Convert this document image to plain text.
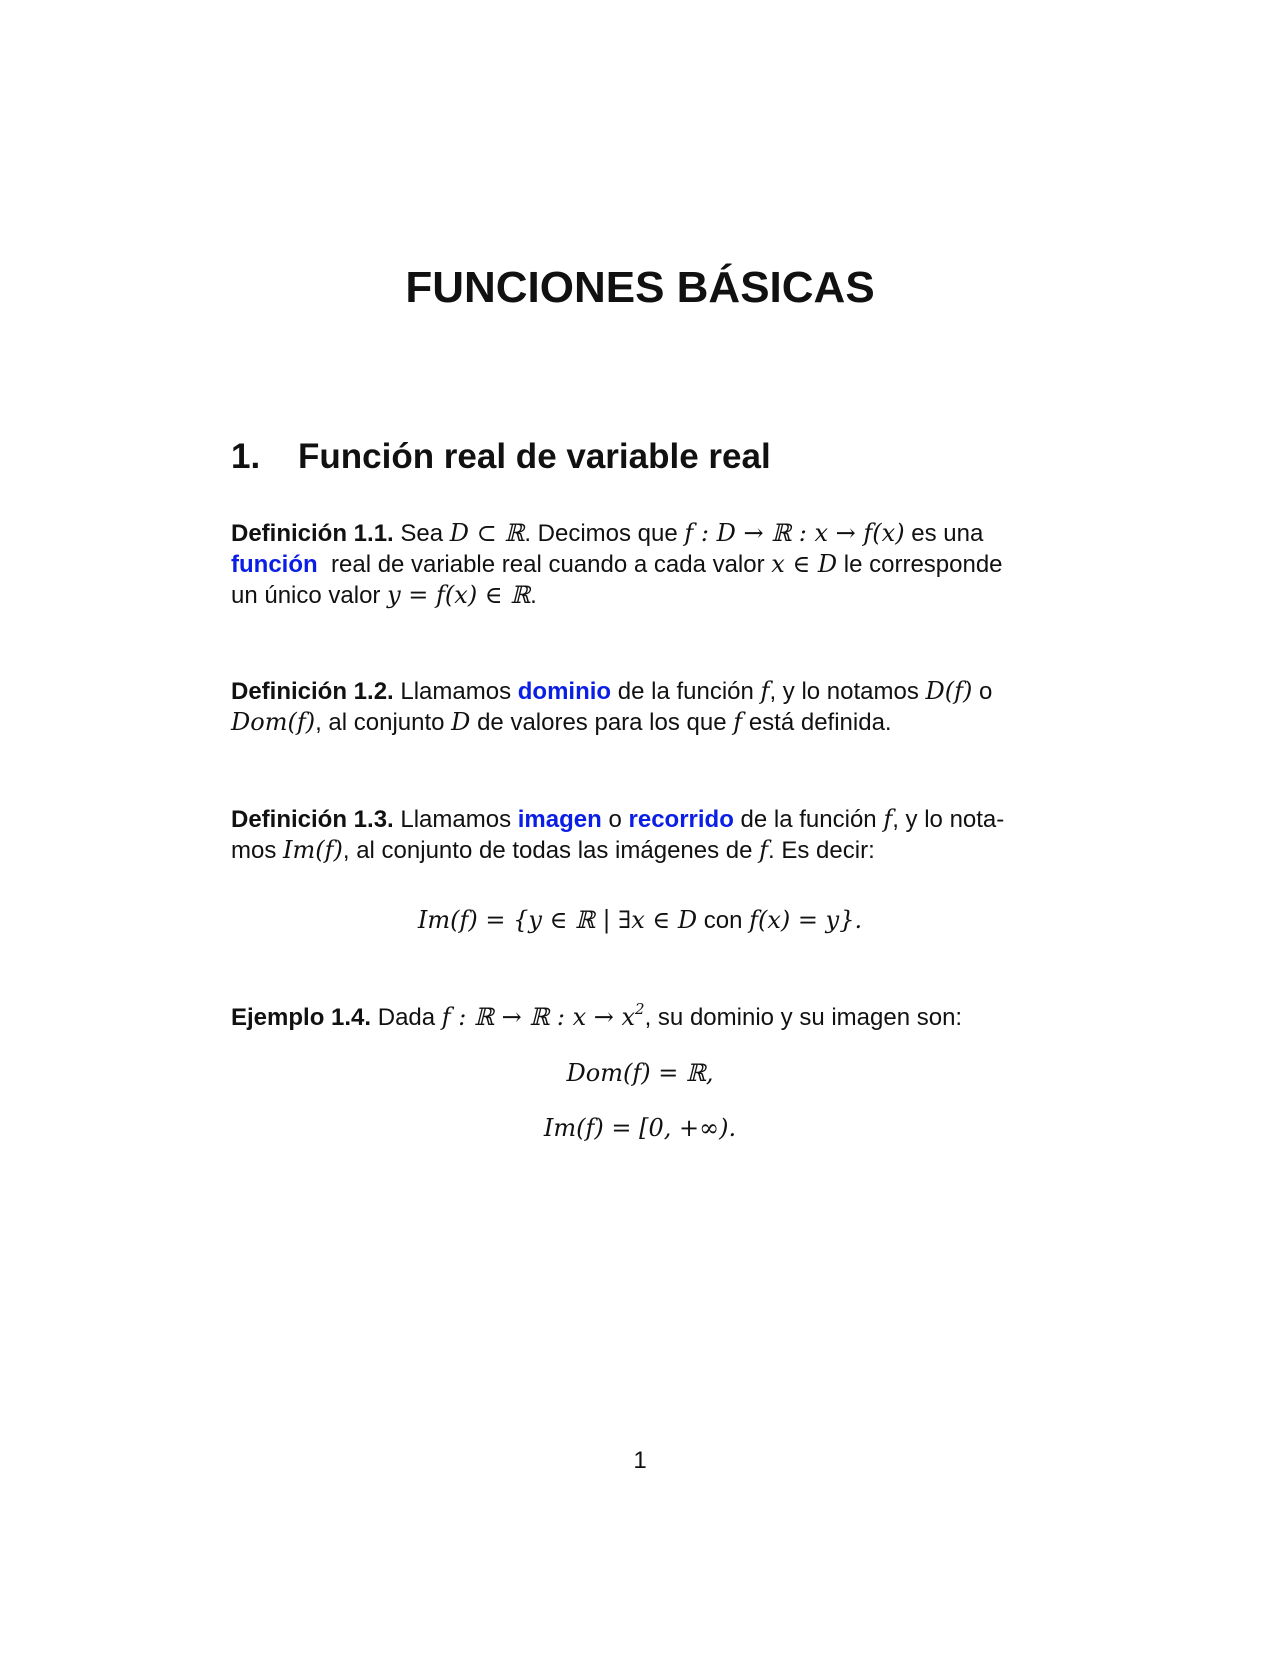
FUNCIONES BÁSICAS
1. Función real de variable real
Definición 1.1. Sea D ⊂ ℝ. Decimos que f : D → ℝ : x → f(x) es una
función real de variable real cuando a cada valor x ∈ D le corresponde
un único valor y = f(x) ∈ ℝ.
Definición 1.2. Llamamos dominio de la función f, y lo notamos D(f) o
Dom(f), al conjunto D de valores para los que f está definida.
Definición 1.3. Llamamos imagen o recorrido de la función f, y lo nota-
mos Im(f), al conjunto de todas las imágenes de f. Es decir:
Im(f) = {y ∈ ℝ | ∃x ∈ D con f(x) = y}.
Ejemplo 1.4. Dada f : ℝ → ℝ : $x \to x^2$, su dominio y su imagen son:
Dom(f) = ℝ,
Im(f) = [0, +∞).
1
